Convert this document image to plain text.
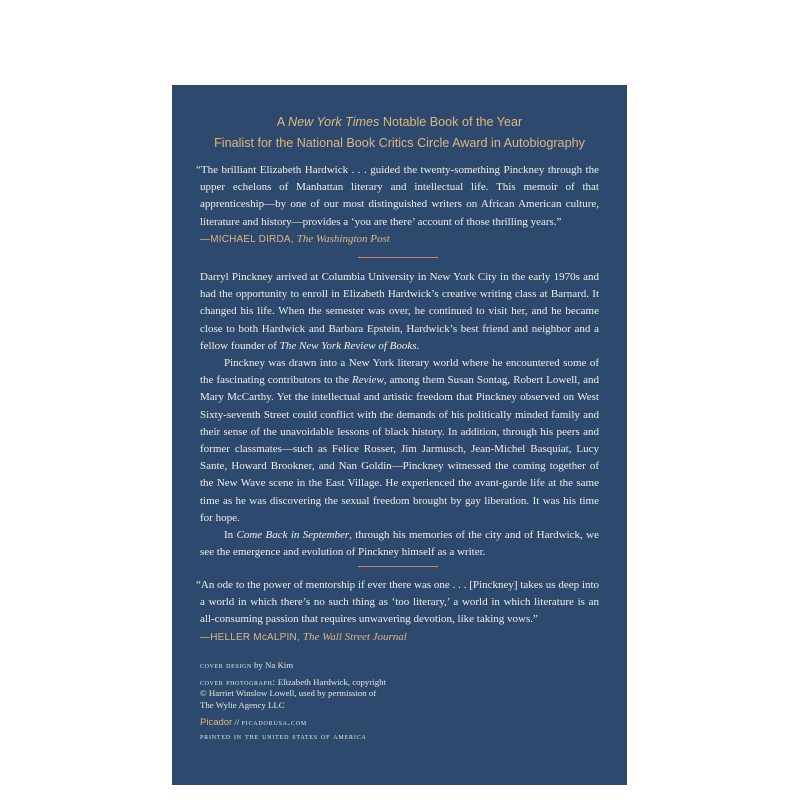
A New York Times Notable Book of the Year
Finalist for the National Book Critics Circle Award in Autobiography

“The brilliant Elizabeth Hardwick . . . guided the twenty-something Pinckney through the upper echelons of Manhattan literary and intellectual life. This memoir of that apprenticeship—by one of our most distinguished writers on African American culture, literature and history—provides a ‘you are there’ account of those thrilling years.”

—MICHAEL DIRDA, The Washington Post

Darryl Pinckney arrived at Columbia University in New York City in the early 1970s and had the opportunity to enroll in Elizabeth Hardwick’s creative writing class at Barnard. It changed his life. When the semester was over, he continued to visit her, and he became close to both Hardwick and Barbara Epstein, Hardwick’s best friend and neighbor and a fellow founder of The New York Review of Books.

Pinckney was drawn into a New York literary world where he encountered some of the fascinating contributors to the Review, among them Susan Sontag, Robert Lowell, and Mary McCarthy. Yet the intellectual and artistic freedom that Pinckney observed on West Sixty-seventh Street could conflict with the demands of his politically minded family and their sense of the unavoidable lessons of black history. In addition, through his peers and former classmates—such as Felice Rosser, Jim Jarmusch, Jean-Michel Basquiat, Lucy Sante, Howard Brookner, and Nan Goldin—Pinckney witnessed the coming together of the New Wave scene in the East Village. He experienced the avant-garde life at the same time as he was discovering the sexual freedom brought by gay liberation. It was his time for hope.

In Come Back in September, through his memories of the city and of Hardwick, we see the emergence and evolution of Pinckney himself as a writer.

“An ode to the power of mentorship if ever there was one . . . [Pinckney] takes us deep into a world in which there’s no such thing as ‘too literary,’ a world in which literature is an all-consuming passion that requires unwavering devotion, like taking vows.”

—HELLER McALPIN, The Wall Street Journal
cover design by Na Kim
cover photograph: Elizabeth Hardwick, copyright
© Harriet Winslow Lowell, used by permission of
The Wylie Agency LLC
Picador // picadorusa.com
printed in the united states of america
